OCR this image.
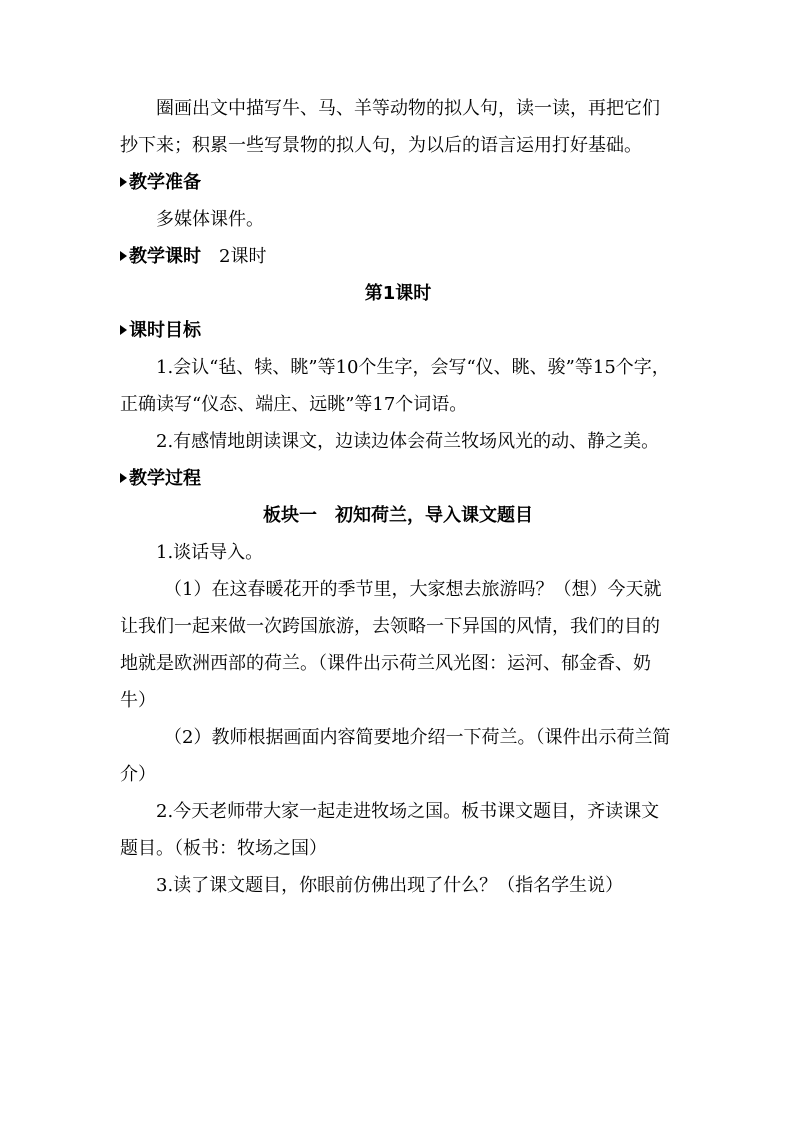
圈画出文中描写牛、马、羊等动物的拟人句，读一读，再把它们抄下来；积累一些写景物的拟人句，为以后的语言运用打好基础。

教学准备

多媒体课件。

教学课时 2课时

第1课时

课时目标

1.会认“毡、犊、眺”等10个生字，会写“仪、眺、骏”等15个字，正确读写“仪态、端庄、远眺”等17个词语。

2.有感情地朗读课文，边读边体会荷兰牧场风光的动、静之美。

教学过程

板块一　初知荷兰，导入课文题目

1.谈话导入。

（1）在这春暖花开的季节里，大家想去旅游吗？（想）今天就让我们一起来做一次跨国旅游，去领略一下异国的风情，我们的目的地就是欧洲西部的荷兰。（课件出示荷兰风光图：运河、郁金香、奶牛）

（2）教师根据画面内容简要地介绍一下荷兰。（课件出示荷兰简介）

2.今天老师带大家一起走进牧场之国。板书课文题目，齐读课文题目。（板书：牧场之国）

3.读了课文题目，你眼前仿佛出现了什么？（指名学生说）
